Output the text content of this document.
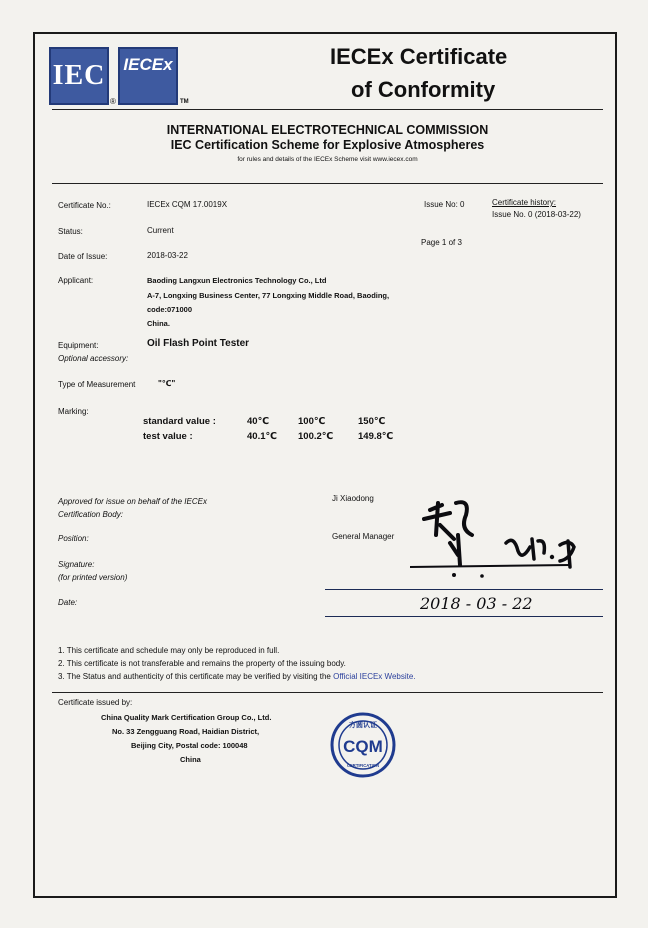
IEC
®
IECEx
TM
IECEx Certificate
of Conformity
INTERNATIONAL ELECTROTECHNICAL COMMISSION
IEC Certification Scheme for Explosive Atmospheres
for rules and details of the IECEx Scheme visit www.iecex.com
Certificate No.:	IECEx CQM 17.0019X	Issue No: 0	Certificate history:
Issue No. 0 (2018-03-22)
Status:	Current
Page 1 of 3
Date of Issue:	2018-03-22
Applicant:	Baoding Langxun Electronics Technology Co., Ltd
A-7, Longxing Business Center, 77 Longxing Middle Road, Baoding,
code:071000
China.
Equipment:	Oil Flash Point Tester
Optional accessory:
Type of Measurement	"℃"
Marking:
standard value :	40℃	100℃	150℃
test value :	40.1℃ 100.2℃	149.8℃
Approved for issue on behalf of the IECEx
Certification Body:
Ji Xiaodong
Position:	General Manager
Signature:
(for printed version)
Date:	2018 - 03 - 22
1. This certificate and schedule may only be reproduced in full.
2. This certificate is not transferable and remains the property of the issuing body.
3. The Status and authenticity of this certificate may be verified by visiting the Official IECEx Website.
Certificate issued by:
China Quality Mark Certification Group Co., Ltd.
No. 33 Zengguang Road, Haidian District,
Beijing City, Postal code: 100048
China
方圆认证
CQM
CERTIFICATION
